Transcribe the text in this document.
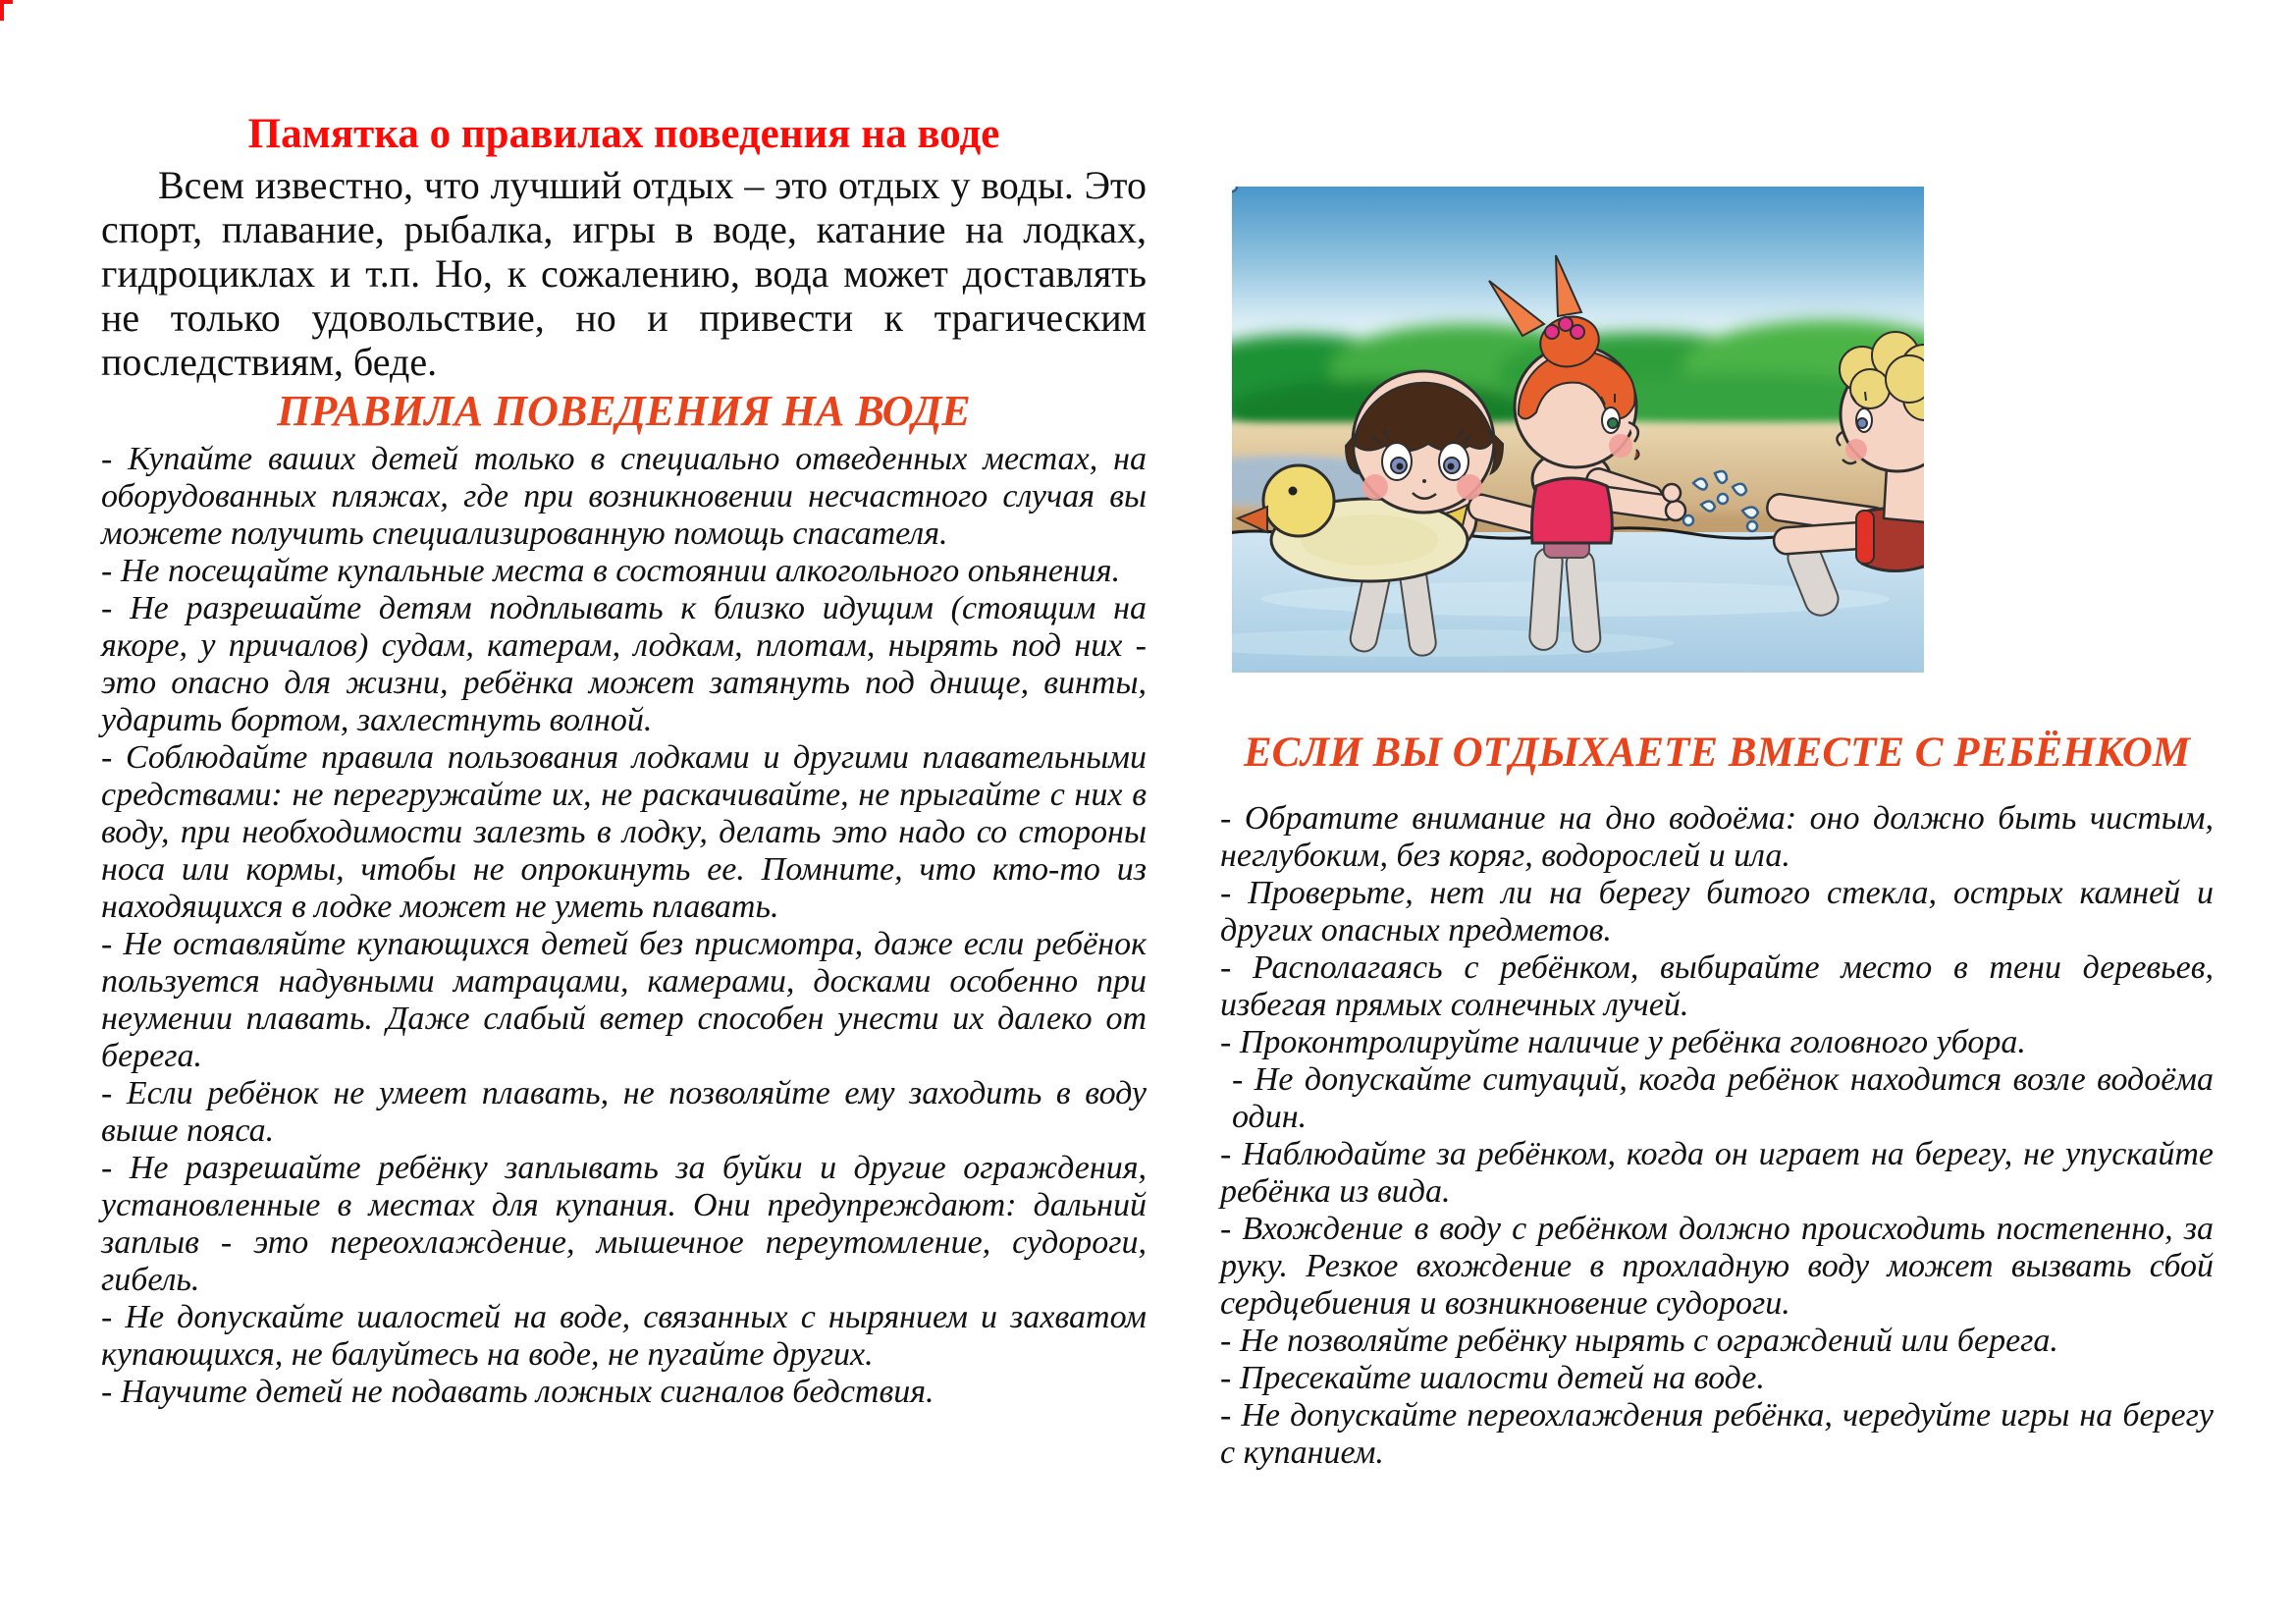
Памятка о правилах поведения на воде

Всем известно, что лучший отдых – это отдых у воды. Это спорт, плавание, рыбалка, игры в воде, катание на лодках, гидроциклах и т.п. Но, к сожалению, вода может доставлять не только удовольствие, но и привести к трагическим последствиям, беде.

ПРАВИЛА ПОВЕДЕНИЯ НА ВОДЕ

- Купайте ваших детей только в специально отведенных местах, на оборудованных пляжах, где при возникновении несчастного случая вы можете получить специализированную помощь спасателя.

- Не посещайте купальные места в состоянии алкогольного опьянения.

- Не разрешайте детям подплывать к близко идущим (стоящим на якоре, у причалов) судам, катерам, лодкам, плотам, нырять под них - это опасно для жизни, ребёнка может затянуть под днище, винты, ударить бортом, захлестнуть волной.

- Соблюдайте правила пользования лодками и другими плавательными средствами: не перегружайте их, не раскачивайте, не прыгайте с них в воду, при необходимости залезть в лодку, делать это надо со стороны носа или кормы, чтобы не опрокинуть ее. Помните, что кто-то из находящихся в лодке может не уметь плавать.

- Не оставляйте купающихся детей без присмотра, даже если ребёнок пользуется надувными матрацами, камерами, досками особенно при неумении плавать. Даже слабый ветер способен унести их далеко от берега.

- Если ребёнок не умеет плавать, не позволяйте ему заходить в воду выше пояса.

- Не разрешайте ребёнку заплывать за буйки и другие ограждения, установленные в местах для купания. Они предупреждают: дальний заплыв - это переохлаждение, мышечное переутомление, судороги, гибель.

- Не допускайте шалостей на воде, связанных с нырянием и захватом купающихся, не балуйтесь на воде, не пугайте других.

- Научите детей не подавать ложных сигналов бедствия.

ЕСЛИ ВЫ ОТДЫХАЕТЕ ВМЕСТЕ С РЕБЁНКОМ

- Обратите внимание на дно водоёма: оно должно быть чистым, неглубоким, без коряг, водорослей и ила.

- Проверьте, нет ли на берегу битого стекла, острых камней и других опасных предметов.

- Располагаясь с ребёнком, выбирайте место в тени деревьев, избегая прямых солнечных лучей.

- Проконтролируйте наличие у ребёнка головного убора.

- Не допускайте ситуаций, когда ребёнок находится возле водоёма один.

- Наблюдайте за ребёнком, когда он играет на берегу, не упускайте ребёнка из вида.

- Вхождение в воду с ребёнком должно происходить постепенно, за руку. Резкое вхождение в прохладную воду может вызвать сбой сердцебиения и возникновение судороги.

- Не позволяйте ребёнку нырять с ограждений или берега.

- Пресекайте шалости детей на воде.

- Не допускайте переохлаждения ребёнка, чередуйте игры на берегу с купанием.
